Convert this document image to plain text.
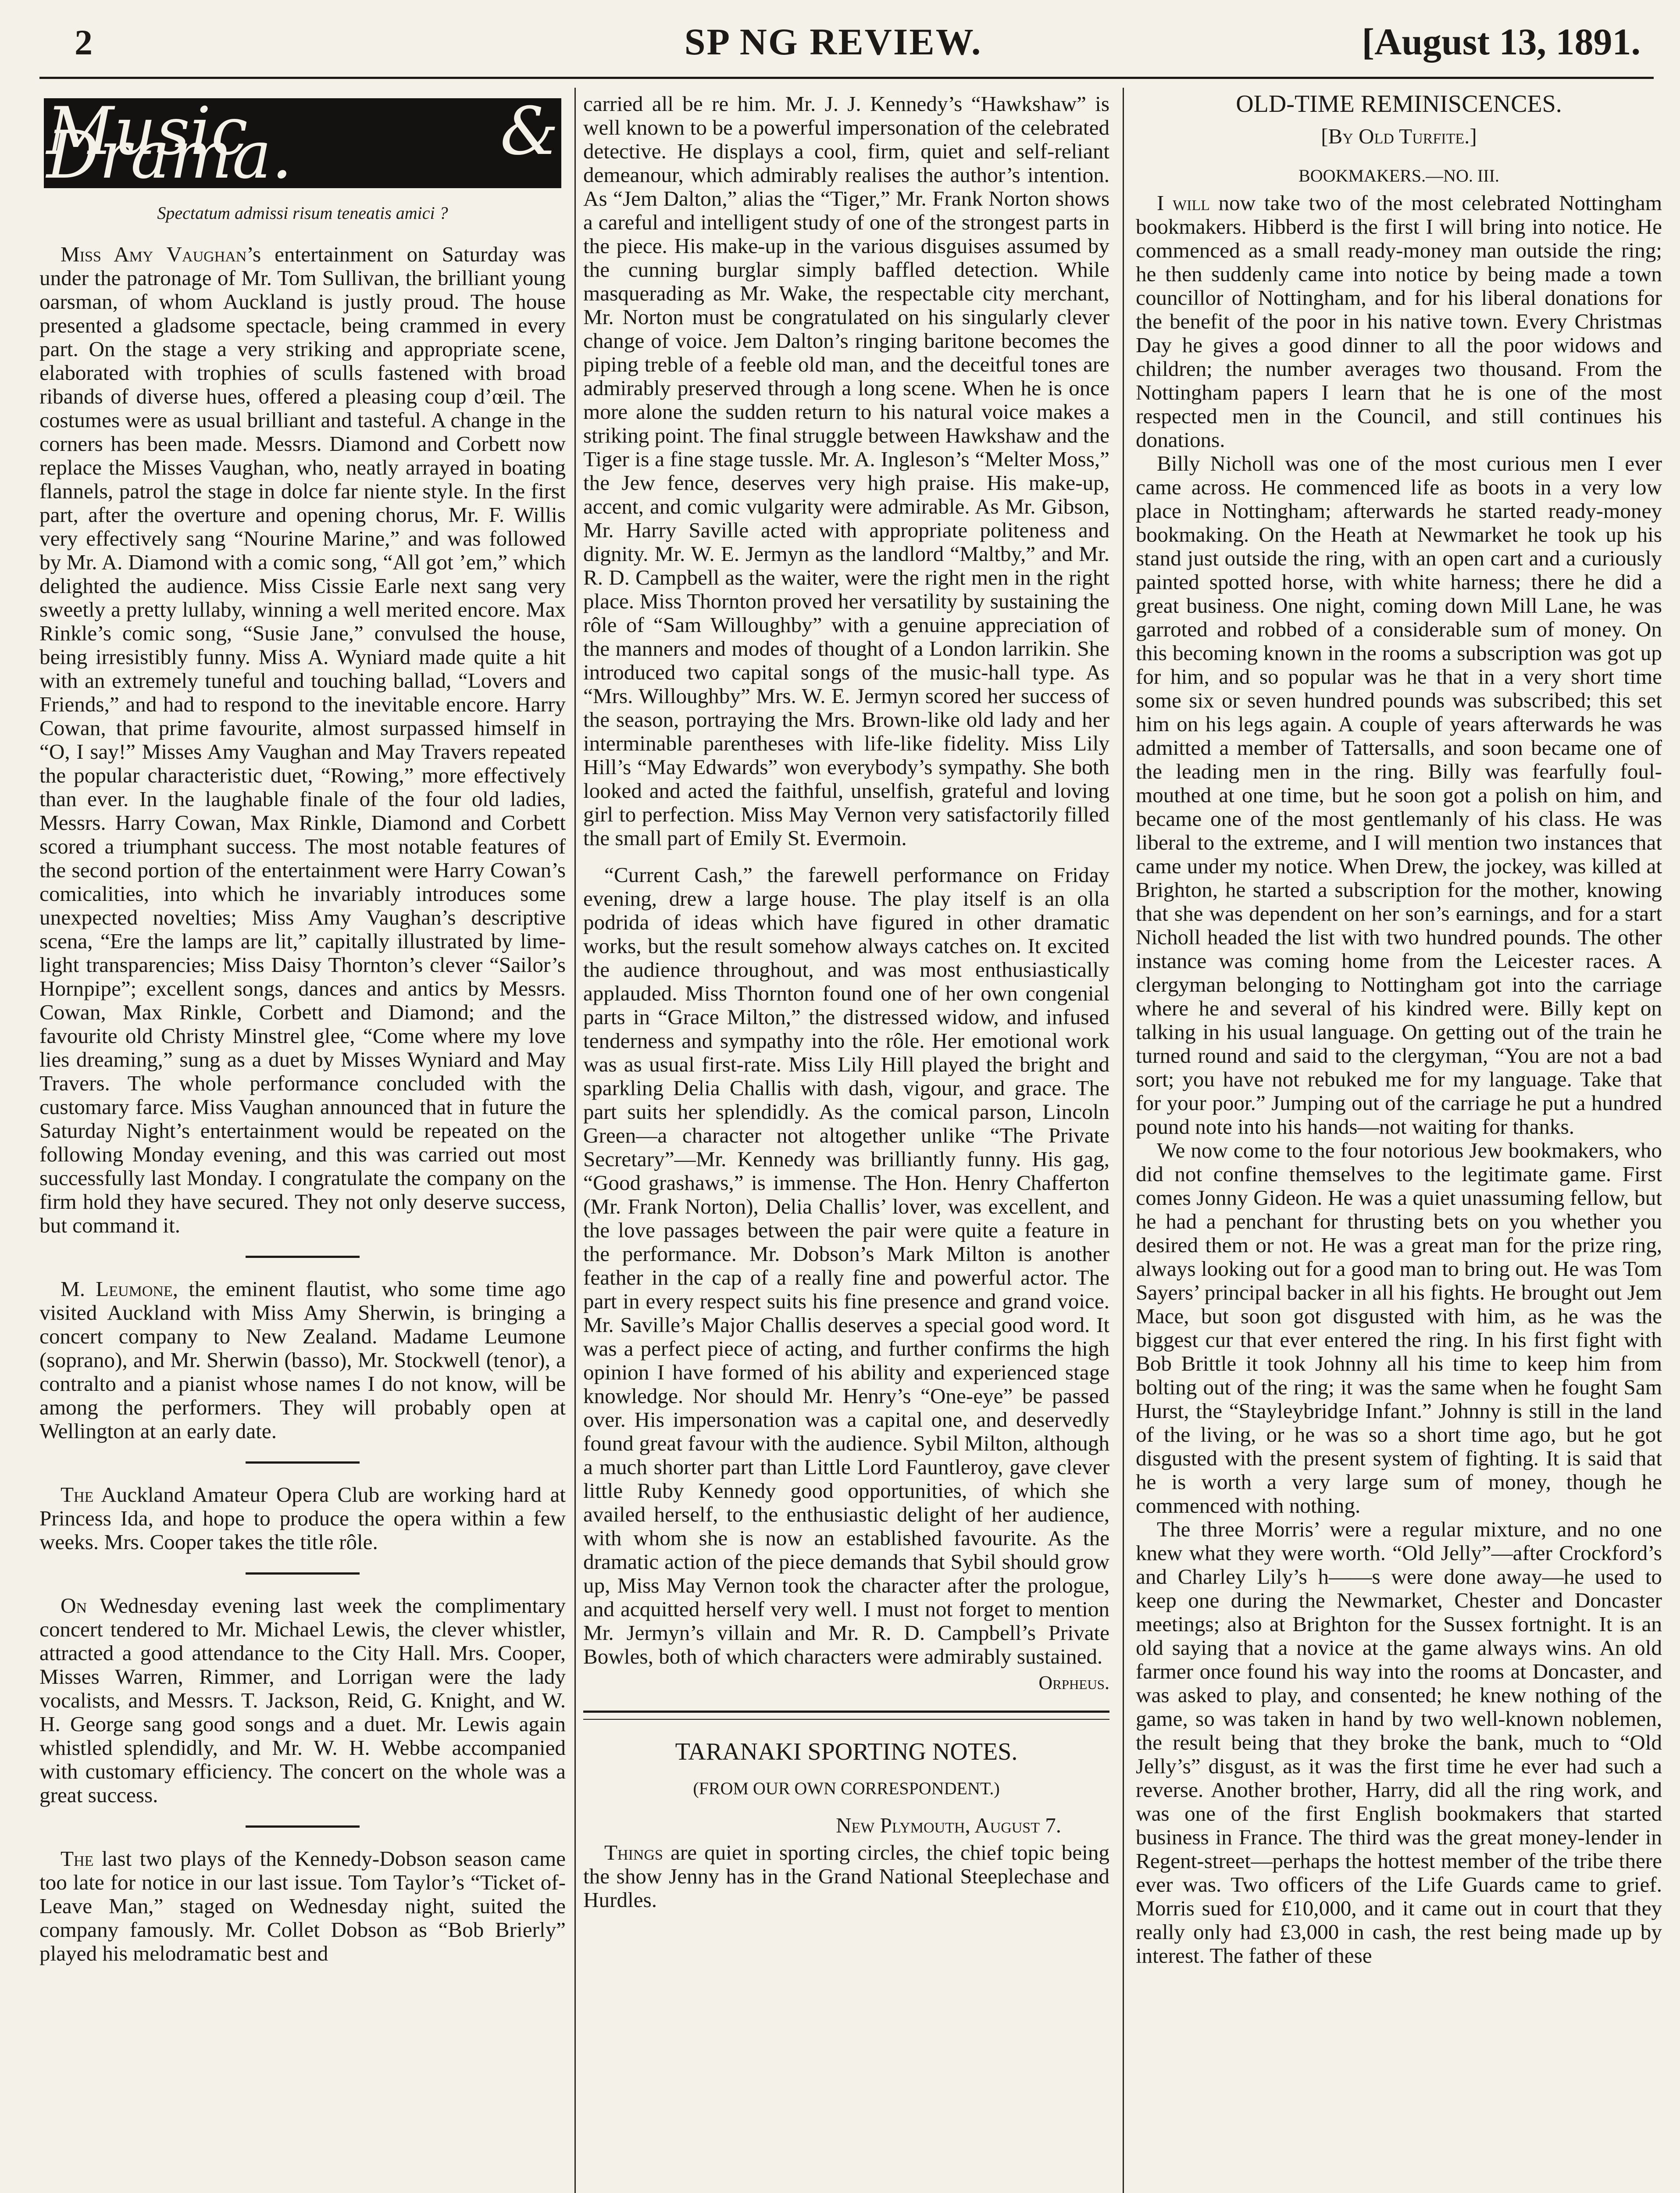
2	SP NG REVIEW.	[August 13, 1891.
Music & Drama.
Spectatum admissi risum teneatis amici ?

Miss Amy Vaughan’s entertainment on Saturday was under the patronage of Mr. Tom Sullivan, the brilliant young oarsman, of whom Auckland is justly proud. The house presented a gladsome spectacle, being crammed in every part. On the stage a very striking and appropriate scene, elaborated with trophies of sculls fastened with broad ribands of diverse hues, offered a pleasing coup d’œil. The costumes were as usual brilliant and tasteful. A change in the corners has been made. Messrs. Diamond and Corbett now replace the Misses Vaughan, who, neatly arrayed in boating flannels, patrol the stage in dolce far niente style. In the first part, after the overture and opening chorus, Mr. F. Willis very effectively sang “Nourine Marine,” and was followed by Mr. A. Diamond with a comic song, “All got ’em,” which delighted the audience. Miss Cissie Earle next sang very sweetly a pretty lullaby, winning a well merited encore. Max Rinkle’s comic song, “Susie Jane,” convulsed the house, being irresistibly funny. Miss A. Wyniard made quite a hit with an extremely tuneful and touching ballad, “Lovers and Friends,” and had to respond to the inevitable encore. Harry Cowan, that prime favourite, almost surpassed himself in “O, I say!” Misses Amy Vaughan and May Travers repeated the popular characteristic duet, “Rowing,” more effectively than ever. In the laughable finale of the four old ladies, Messrs. Harry Cowan, Max Rinkle, Diamond and Corbett scored a triumphant success. The most notable features of the second portion of the entertainment were Harry Cowan’s comicalities, into which he invariably introduces some unexpected novelties; Miss Amy Vaughan’s descriptive scena, “Ere the lamps are lit,” capitally illustrated by lime-light transparencies; Miss Daisy Thornton’s clever “Sailor’s Hornpipe”; excellent songs, dances and antics by Messrs. Cowan, Max Rinkle, Corbett and Diamond; and the favourite old Christy Minstrel glee, “Come where my love lies dreaming,” sung as a duet by Misses Wyniard and May Travers. The whole performance concluded with the customary farce. Miss Vaughan announced that in future the Saturday Night’s entertainment would be repeated on the following Monday evening, and this was carried out most successfully last Monday. I congratulate the company on the firm hold they have secured. They not only deserve success, but command it.

M. Leumone, the eminent flautist, who some time ago visited Auckland with Miss Amy Sherwin, is bringing a concert company to New Zealand. Madame Leumone (soprano), and Mr. Sherwin (basso), Mr. Stockwell (tenor), a contralto and a pianist whose names I do not know, will be among the performers. They will probably open at Wellington at an early date.

The Auckland Amateur Opera Club are working hard at Princess Ida, and hope to produce the opera within a few weeks. Mrs. Cooper takes the title rôle.

On Wednesday evening last week the complimentary concert tendered to Mr. Michael Lewis, the clever whistler, attracted a good attendance to the City Hall. Mrs. Cooper, Misses Warren, Rimmer, and Lorrigan were the lady vocalists, and Messrs. T. Jackson, Reid, G. Knight, and W. H. George sang good songs and a duet. Mr. Lewis again whistled splendidly, and Mr. W. H. Webbe accompanied with customary efficiency. The concert on the whole was a great success.

The last two plays of the Kennedy-Dobson season came too late for notice in our last issue. Tom Taylor’s “Ticket of-Leave Man,” staged on Wednesday night, suited the company famously. Mr. Collet Dobson as “Bob Brierly” played his melodramatic best and

carried all be re him. Mr. J. J. Kennedy’s “Hawkshaw” is well known to be a powerful impersonation of the celebrated detective. He displays a cool, firm, quiet and self-reliant demeanour, which admirably realises the author’s intention. As “Jem Dalton,” alias the “Tiger,” Mr. Frank Norton shows a careful and intelligent study of one of the strongest parts in the piece. His make-up in the various disguises assumed by the cunning burglar simply baffled detection. While masquerading as Mr. Wake, the respectable city merchant, Mr. Norton must be congratulated on his singularly clever change of voice. Jem Dalton’s ringing baritone becomes the piping treble of a feeble old man, and the deceitful tones are admirably preserved through a long scene. When he is once more alone the sudden return to his natural voice makes a striking point. The final struggle between Hawkshaw and the Tiger is a fine stage tussle. Mr. A. Ingleson’s “Melter Moss,” the Jew fence, deserves very high praise. His make-up, accent, and comic vulgarity were admirable. As Mr. Gibson, Mr. Harry Saville acted with appropriate politeness and dignity. Mr. W. E. Jermyn as the landlord “Maltby,” and Mr. R. D. Campbell as the waiter, were the right men in the right place. Miss Thornton proved her versatility by sustaining the rôle of “Sam Willoughby” with a genuine appreciation of the manners and modes of thought of a London larrikin. She introduced two capital songs of the music-hall type. As “Mrs. Willoughby” Mrs. W. E. Jermyn scored her success of the season, portraying the Mrs. Brown-like old lady and her interminable parentheses with life-like fidelity. Miss Lily Hill’s “May Edwards” won everybody’s sympathy. She both looked and acted the faithful, unselfish, grateful and loving girl to perfection. Miss May Vernon very satisfactorily filled the small part of Emily St. Evermoin.

“Current Cash,” the farewell performance on Friday evening, drew a large house. The play itself is an olla podrida of ideas which have figured in other dramatic works, but the result somehow always catches on. It excited the audience throughout, and was most enthusiastically applauded. Miss Thornton found one of her own congenial parts in “Grace Milton,” the distressed widow, and infused tenderness and sympathy into the rôle. Her emotional work was as usual first-rate. Miss Lily Hill played the bright and sparkling Delia Challis with dash, vigour, and grace. The part suits her splendidly. As the comical parson, Lincoln Green—a character not altogether unlike “The Private Secretary”—Mr. Kennedy was brilliantly funny. His gag, “Good grashaws,” is immense. The Hon. Henry Chafferton (Mr. Frank Norton), Delia Challis’ lover, was excellent, and the love passages between the pair were quite a feature in the performance. Mr. Dobson’s Mark Milton is another feather in the cap of a really fine and powerful actor. The part in every respect suits his fine presence and grand voice. Mr. Saville’s Major Challis deserves a special good word. It was a perfect piece of acting, and further confirms the high opinion I have formed of his ability and experienced stage knowledge. Nor should Mr. Henry’s “One-eye” be passed over. His impersonation was a capital one, and deservedly found great favour with the audience. Sybil Milton, although a much shorter part than Little Lord Fauntleroy, gave clever little Ruby Kennedy good opportunities, of which she availed herself, to the enthusiastic delight of her audience, with whom she is now an established favourite. As the dramatic action of the piece demands that Sybil should grow up, Miss May Vernon took the character after the prologue, and acquitted herself very well. I must not forget to mention Mr. Jermyn’s villain and Mr. R. D. Campbell’s Private Bowles, both of which characters were admirably sustained.

Orpheus.
TARANAKI SPORTING NOTES.
(FROM OUR OWN CORRESPONDENT.)
New Plymouth, August 7.

Things are quiet in sporting circles, the chief topic being the show Jenny has in the Grand National Steeplechase and Hurdles.

OLD-TIME REMINISCENCES.
[By Old Turfite.]
BOOKMAKERS.—NO. III.

I will now take two of the most celebrated Nottingham bookmakers. Hibberd is the first I will bring into notice. He commenced as a small ready-money man outside the ring; he then suddenly came into notice by being made a town councillor of Nottingham, and for his liberal donations for the benefit of the poor in his native town. Every Christmas Day he gives a good dinner to all the poor widows and children; the number averages two thousand. From the Nottingham papers I learn that he is one of the most respected men in the Council, and still continues his donations.

Billy Nicholl was one of the most curious men I ever came across. He commenced life as boots in a very low place in Nottingham; afterwards he started ready-money bookmaking. On the Heath at Newmarket he took up his stand just outside the ring, with an open cart and a curiously painted spotted horse, with white harness; there he did a great business. One night, coming down Mill Lane, he was garroted and robbed of a considerable sum of money. On this becoming known in the rooms a subscription was got up for him, and so popular was he that in a very short time some six or seven hundred pounds was subscribed; this set him on his legs again. A couple of years afterwards he was admitted a member of Tattersalls, and soon became one of the leading men in the ring. Billy was fearfully foul-mouthed at one time, but he soon got a polish on him, and became one of the most gentlemanly of his class. He was liberal to the extreme, and I will mention two instances that came under my notice. When Drew, the jockey, was killed at Brighton, he started a subscription for the mother, knowing that she was dependent on her son’s earnings, and for a start Nicholl headed the list with two hundred pounds. The other instance was coming home from the Leicester races. A clergyman belonging to Nottingham got into the carriage where he and several of his kindred were. Billy kept on talking in his usual language. On getting out of the train he turned round and said to the clergyman, “You are not a bad sort; you have not rebuked me for my language. Take that for your poor.” Jumping out of the carriage he put a hundred pound note into his hands—not waiting for thanks.

We now come to the four notorious Jew bookmakers, who did not confine themselves to the legitimate game. First comes Jonny Gideon. He was a quiet unassuming fellow, but he had a penchant for thrusting bets on you whether you desired them or not. He was a great man for the prize ring, always looking out for a good man to bring out. He was Tom Sayers’ principal backer in all his fights. He brought out Jem Mace, but soon got disgusted with him, as he was the biggest cur that ever entered the ring. In his first fight with Bob Brittle it took Johnny all his time to keep him from bolting out of the ring; it was the same when he fought Sam Hurst, the “Stayleybridge Infant.” Johnny is still in the land of the living, or he was so a short time ago, but he got disgusted with the present system of fighting. It is said that he is worth a very large sum of money, though he commenced with nothing.

The three Morris’ were a regular mixture, and no one knew what they were worth. “Old Jelly”—after Crockford’s and Charley Lily’s h——s were done away—he used to keep one during the Newmarket, Chester and Doncaster meetings; also at Brighton for the Sussex fortnight. It is an old saying that a novice at the game always wins. An old farmer once found his way into the rooms at Doncaster, and was asked to play, and consented; he knew nothing of the game, so was taken in hand by two well-known noblemen, the result being that they broke the bank, much to “Old Jelly’s” disgust, as it was the first time he ever had such a reverse. Another brother, Harry, did all the ring work, and was one of the first English bookmakers that started business in France. The third was the great money-lender in Regent-street—perhaps the hottest member of the tribe there ever was. Two officers of the Life Guards came to grief. Morris sued for £10,000, and it came out in court that they really only had £3,000 in cash, the rest being made up by interest. The father of these
